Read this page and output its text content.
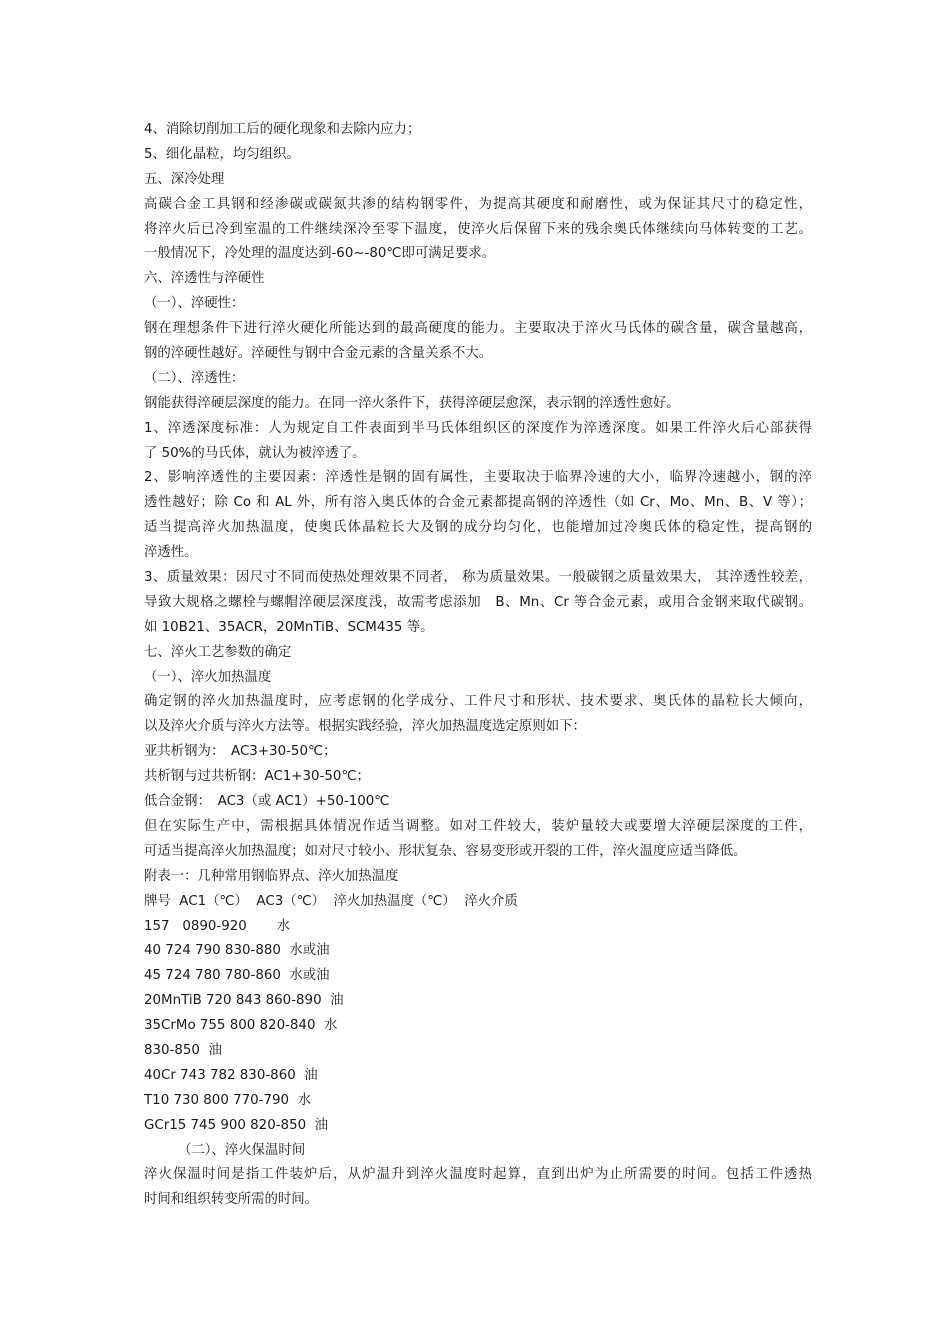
4、消除切削加工后的硬化现象和去除内应力；
5、细化晶粒，均匀组织。
五、深冷处理
高碳合金工具钢和经渗碳或碳氮共渗的结构钢零件，为提高其硬度和耐磨性，或为保证其尺寸的稳定性，
将淬火后已冷到室温的工件继续深冷至零下温度，使淬火后保留下来的残余奥氏体继续向马体转变的工艺。
一般情况下，冷处理的温度达到-60~-80℃即可满足要求。
六、淬透性与淬硬性
（一）、淬硬性：
钢在理想条件下进行淬火硬化所能达到的最高硬度的能力。主要取决于淬火马氏体的碳含量，碳含量越高，
钢的淬硬性越好。淬硬性与钢中合金元素的含量关系不大。
（二）、淬透性：
钢能获得淬硬层深度的能力。在同一淬火条件下，获得淬硬层愈深，表示钢的淬透性愈好。
1、淬透深度标准：人为规定自工件表面到半马氏体组织区的深度作为淬透深度。如果工件淬火后心部获得
了 50%的马氏体，就认为被淬透了。
2、影响淬透性的主要因素：淬透性是钢的固有属性，主要取决于临界冷速的大小，临界冷速越小，钢的淬
透性越好；除 Co 和 AL 外，所有溶入奥氏体的合金元素都提高钢的淬透性（如 Cr、Mo、Mn、B、V 等）；
适当提高淬火加热温度，使奥氏体晶粒长大及钢的成分均匀化，也能增加过冷奥氏体的稳定性，提高钢的
淬透性。
3、质量效果：因尺寸不同而使热处理效果不同者， 称为质量效果。一般碳钢之质量效果大， 其淬透性较差，
导致大规格之螺栓与螺帽淬硬层深度浅，故需考虑添加　B、Mn、Cr 等合金元素，或用合金钢来取代碳钢。
如 10B21、35ACR，20MnTiB、SCM435 等。
七、淬火工艺参数的确定
（一）、淬火加热温度
确定钢的淬火加热温度时，应考虑钢的化学成分、工件尺寸和形状、技术要求、奥氏体的晶粒长大倾向，
以及淬火介质与淬火方法等。根据实践经验，淬火加热温度选定原则如下：
亚共析钢为：　AC3+30-50℃；
共析钢与过共析钢：AC1+30-50℃；
低合金钢：　AC3（或 AC1）+50-100℃
但在实际生产中，需根据具体情况作适当调整。如对工件较大，装炉量较大或要增大淬硬层深度的工件，
可适当提高淬火加热温度；如对尺寸较小、形状复杂、容易变形或开裂的工件，淬火温度应适当降低。
附表一：几种常用钢临界点、淬火加热温度
牌号  AC1（℃）  AC3（℃）  淬火加热温度（℃）  淬火介质
157   0890-920       水
40 724 790 830-880  水或油
45 724 780 780-860  水或油
20MnTiB 720 843 860-890  油
35CrMo 755 800 820-840  水
830-850  油
40Cr 743 782 830-860  油
T10 730 800 770-790  水
GCr15 745 900 820-850  油
（二）、淬火保温时间
淬火保温时间是指工件装炉后，从炉温升到淬火温度时起算，直到出炉为止所需要的时间。包括工件透热
时间和组织转变所需的时间。
